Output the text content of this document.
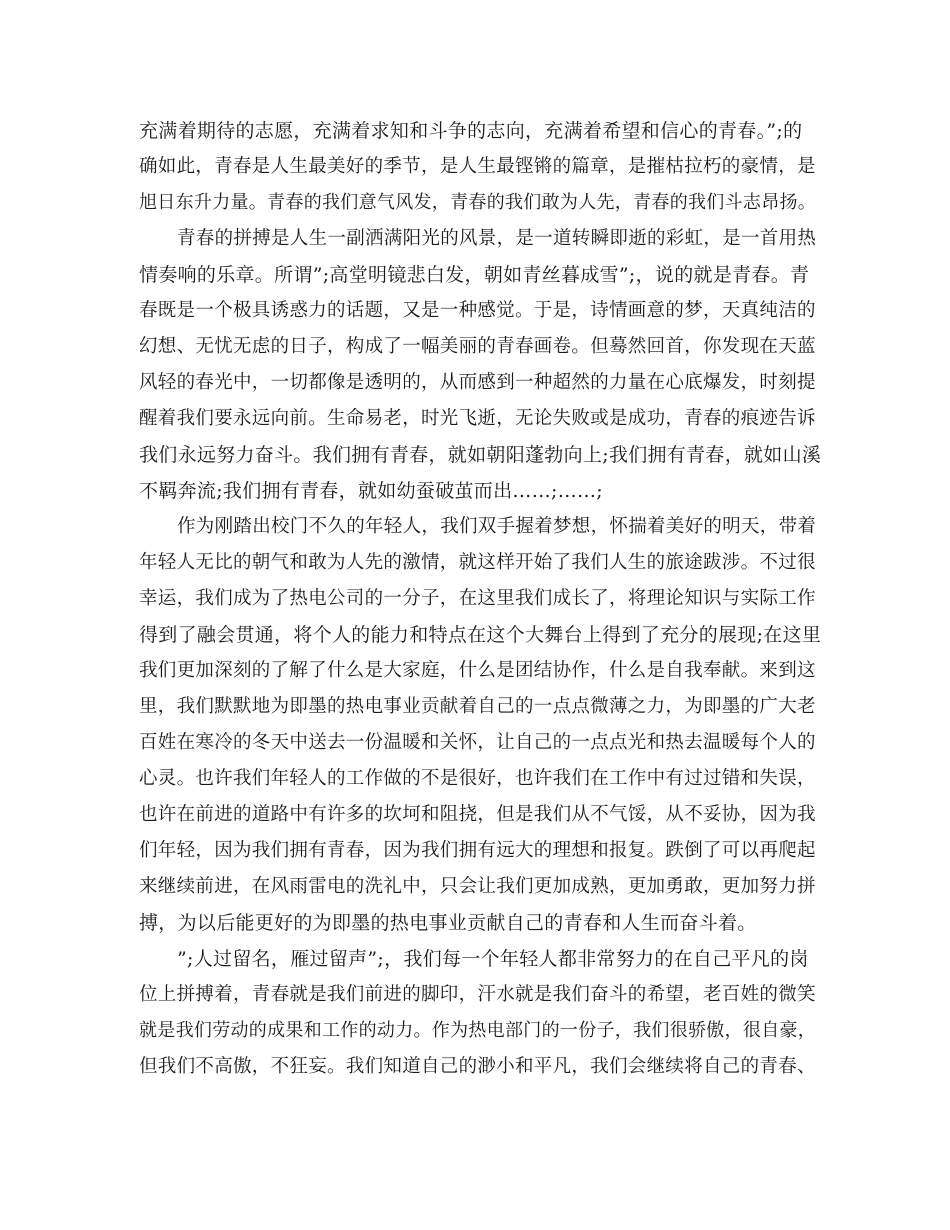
充满着期待的志愿，充满着求知和斗争的志向，充满着希望和信心的青春。”;的
确如此，青春是人生最美好的季节，是人生最铿锵的篇章，是摧枯拉朽的豪情，是
旭日东升力量。青春的我们意气风发，青春的我们敢为人先，青春的我们斗志昂扬。
青春的拼搏是人生一副洒满阳光的风景，是一道转瞬即逝的彩虹，是一首用热
情奏响的乐章。所谓”;高堂明镜悲白发，朝如青丝暮成雪”;，说的就是青春。青
春既是一个极具诱惑力的话题，又是一种感觉。于是，诗情画意的梦，天真纯洁的
幻想、无忧无虑的日子，构成了一幅美丽的青春画卷。但蓦然回首，你发现在天蓝
风轻的春光中，一切都像是透明的，从而感到一种超然的力量在心底爆发，时刻提
醒着我们要永远向前。生命易老，时光飞逝，无论失败或是成功，青春的痕迹告诉
我们永远努力奋斗。我们拥有青春，就如朝阳蓬勃向上;我们拥有青春，就如山溪
不羁奔流;我们拥有青春，就如幼蚕破茧而出……;……;
作为刚踏出校门不久的年轻人，我们双手握着梦想，怀揣着美好的明天，带着
年轻人无比的朝气和敢为人先的激情，就这样开始了我们人生的旅途跋涉。不过很
幸运，我们成为了热电公司的一分子，在这里我们成长了，将理论知识与实际工作
得到了融会贯通，将个人的能力和特点在这个大舞台上得到了充分的展现;在这里
我们更加深刻的了解了什么是大家庭，什么是团结协作，什么是自我奉献。来到这
里，我们默默地为即墨的热电事业贡献着自己的一点点微薄之力，为即墨的广大老
百姓在寒冷的冬天中送去一份温暖和关怀，让自己的一点点光和热去温暖每个人的
心灵。也许我们年轻人的工作做的不是很好，也许我们在工作中有过过错和失误，
也许在前进的道路中有许多的坎坷和阻挠，但是我们从不气馁，从不妥协，因为我
们年轻，因为我们拥有青春，因为我们拥有远大的理想和报复。跌倒了可以再爬起
来继续前进，在风雨雷电的洗礼中，只会让我们更加成熟，更加勇敢，更加努力拼
搏，为以后能更好的为即墨的热电事业贡献自己的青春和人生而奋斗着。
”;人过留名，雁过留声”;，我们每一个年轻人都非常努力的在自己平凡的岗
位上拼搏着，青春就是我们前进的脚印，汗水就是我们奋斗的希望，老百姓的微笑
就是我们劳动的成果和工作的动力。作为热电部门的一份子，我们很骄傲，很自豪，
但我们不高傲，不狂妄。我们知道自己的渺小和平凡，我们会继续将自己的青春、
